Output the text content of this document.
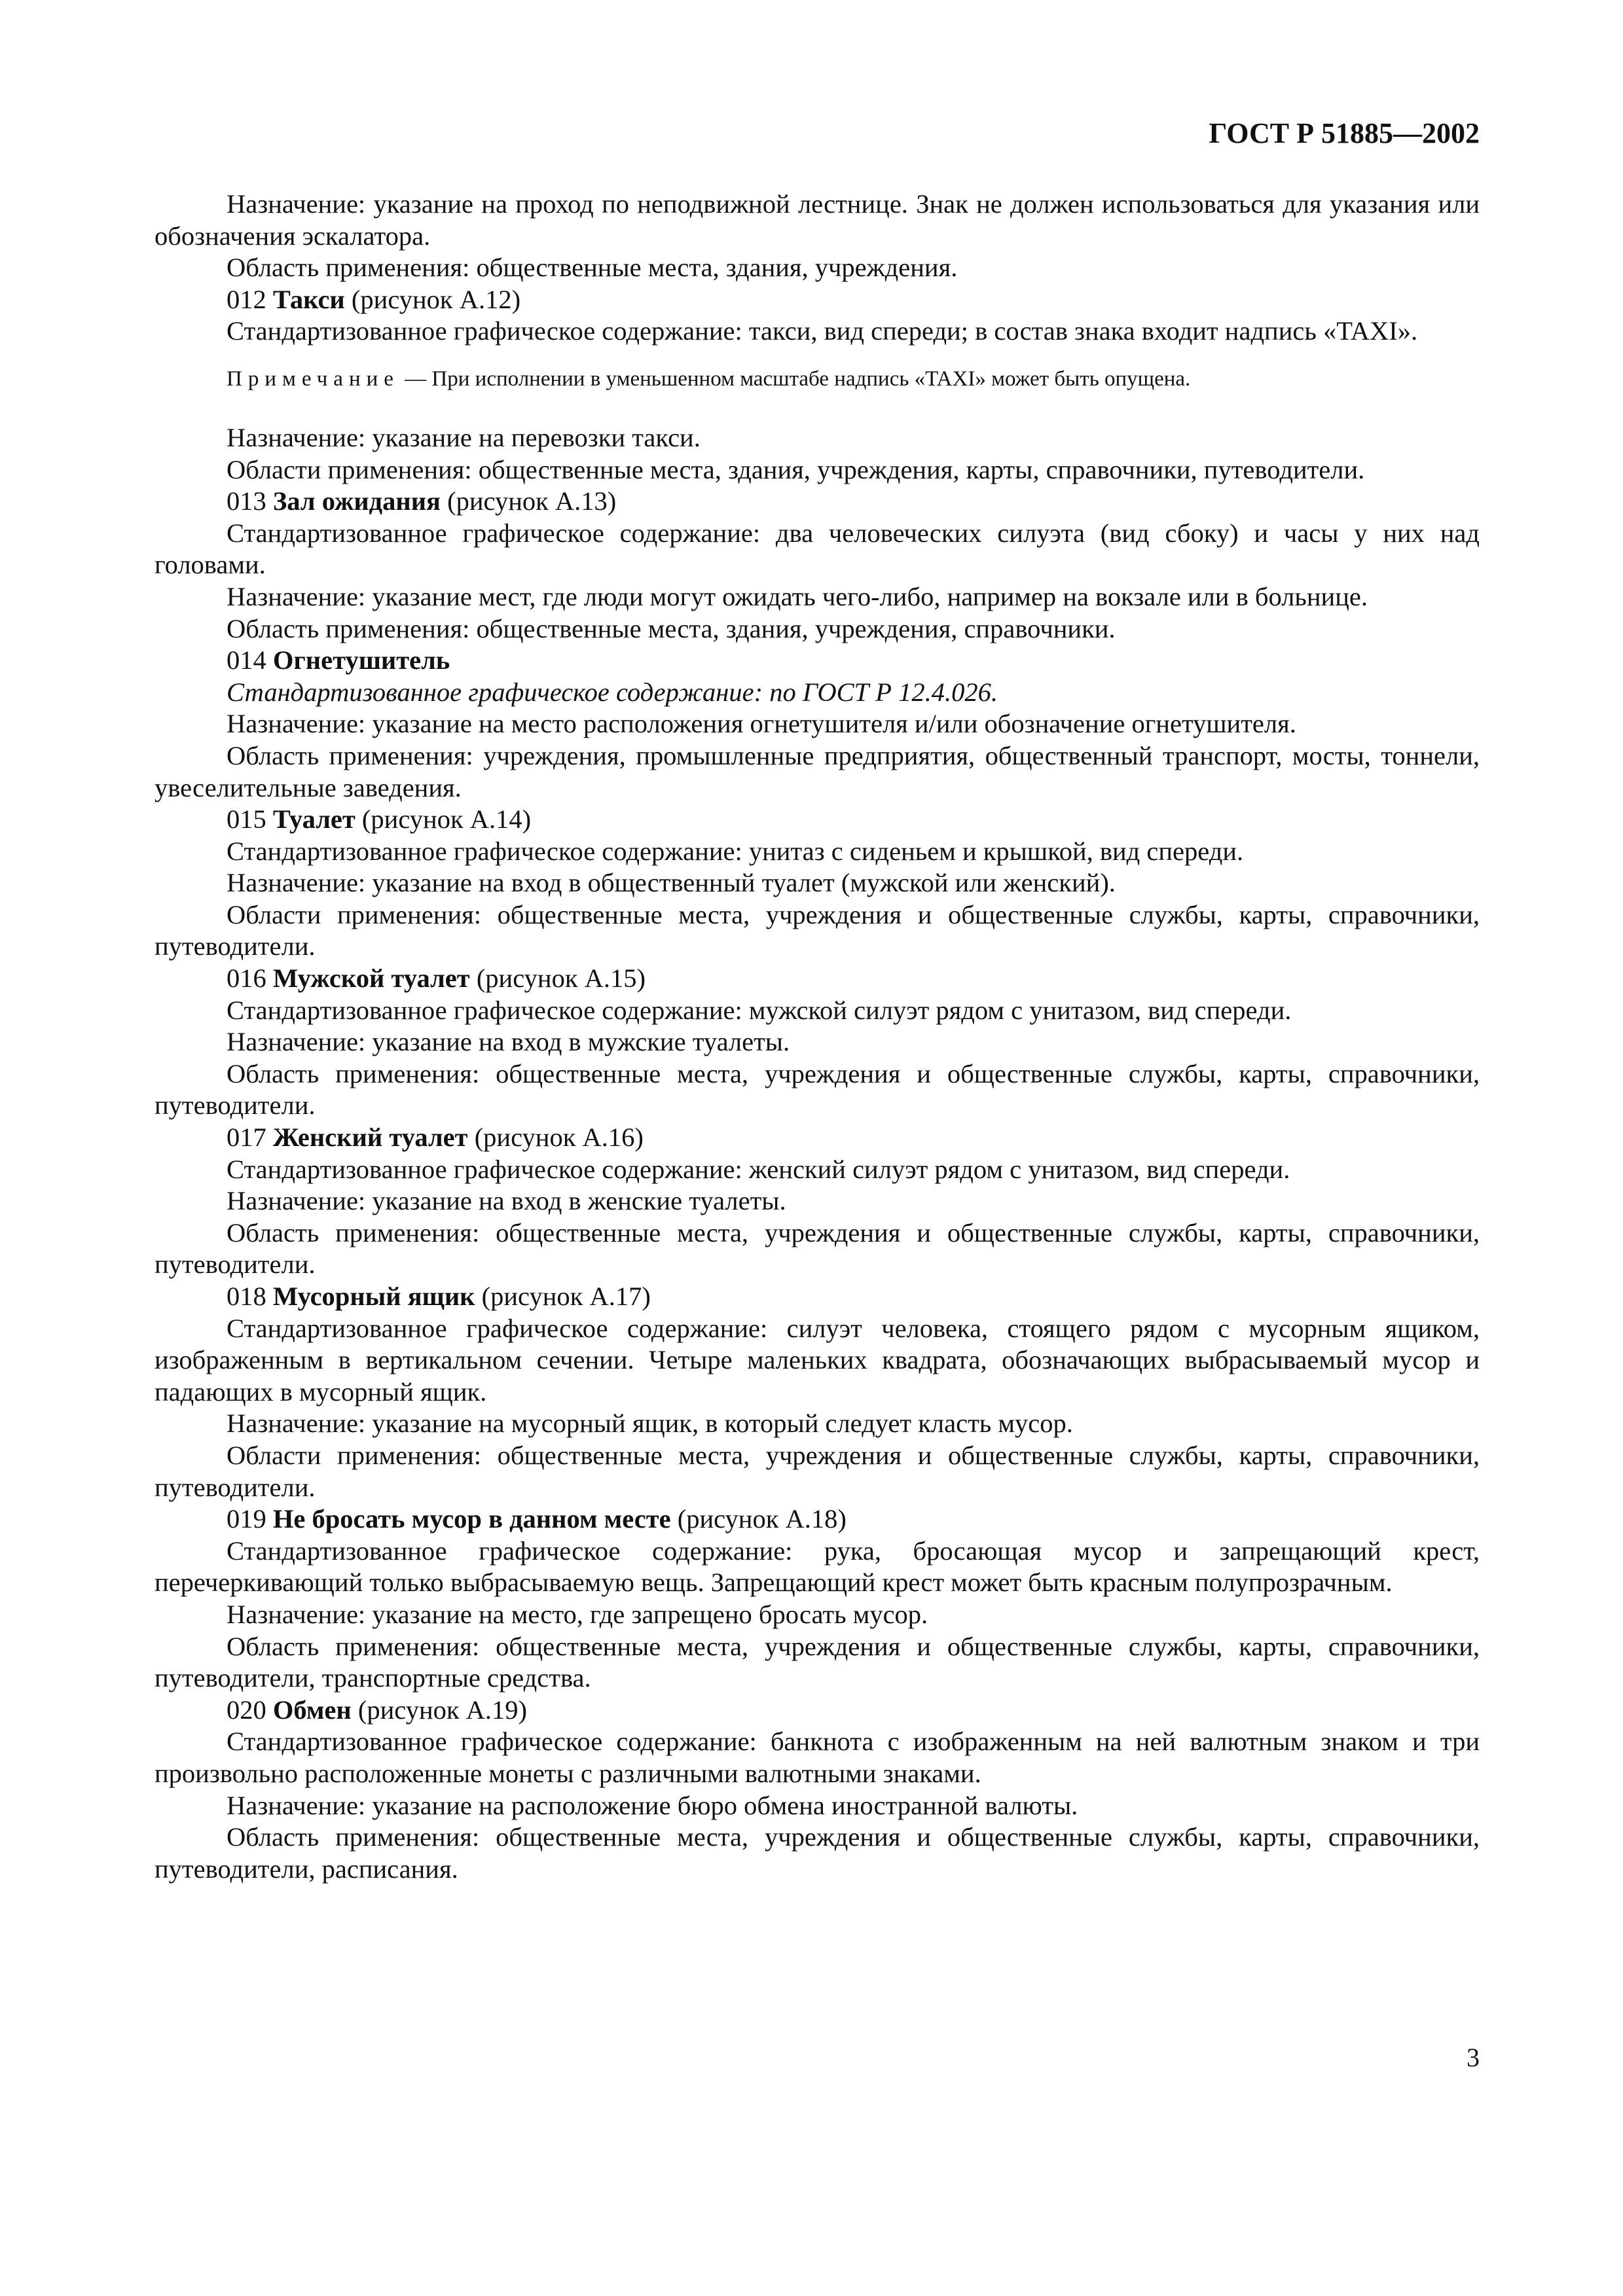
ГОСТ Р 51885—2002

Назначение: указание на проход по неподвижной лестнице. Знак не должен использоваться для указания или обозначения эскалатора.

Область применения: общественные места, здания, учреждения.

012 Такси (рисунок А.12)

Стандартизованное графическое содержание: такси, вид спереди; в состав знака входит надпись «TAXI».

Примечание — При исполнении в уменьшенном масштабе надпись «TAXI» может быть опущена.

Назначение: указание на перевозки такси.

Области применения: общественные места, здания, учреждения, карты, справочники, путеводители.

013 Зал ожидания (рисунок А.13)

Стандартизованное графическое содержание: два человеческих силуэта (вид сбоку) и часы у них над головами.

Назначение: указание мест, где люди могут ожидать чего-либо, например на вокзале или в больнице.

Область применения: общественные места, здания, учреждения, справочники.

014 Огнетушитель

Стандартизованное графическое содержание: по ГОСТ Р 12.4.026.

Назначение: указание на место расположения огнетушителя и/или обозначение огнетушителя.

Область применения: учреждения, промышленные предприятия, общественный транспорт, мосты, тоннели, увеселительные заведения.

015 Туалет (рисунок А.14)

Стандартизованное графическое содержание: унитаз с сиденьем и крышкой, вид спереди.

Назначение: указание на вход в общественный туалет (мужской или женский).

Области применения: общественные места, учреждения и общественные службы, карты, справочники, путеводители.

016 Мужской туалет (рисунок А.15)

Стандартизованное графическое содержание: мужской силуэт рядом с унитазом, вид спереди.

Назначение: указание на вход в мужские туалеты.

Область применения: общественные места, учреждения и общественные службы, карты, справочники, путеводители.

017 Женский туалет (рисунок А.16)

Стандартизованное графическое содержание: женский силуэт рядом с унитазом, вид спереди.

Назначение: указание на вход в женские туалеты.

Область применения: общественные места, учреждения и общественные службы, карты, справочники, путеводители.

018 Мусорный ящик (рисунок А.17)

Стандартизованное графическое содержание: силуэт человека, стоящего рядом с мусорным ящиком, изображенным в вертикальном сечении. Четыре маленьких квадрата, обозначающих выбрасываемый мусор и падающих в мусорный ящик.

Назначение: указание на мусорный ящик, в который следует класть мусор.

Области применения: общественные места, учреждения и общественные службы, карты, справочники, путеводители.

019 Не бросать мусор в данном месте (рисунок А.18)

Стандартизованное графическое содержание: рука, бросающая мусор и запрещающий крест, перечеркивающий только выбрасываемую вещь. Запрещающий крест может быть красным полупрозрачным.

Назначение: указание на место, где запрещено бросать мусор.

Область применения: общественные места, учреждения и общественные службы, карты, справочники, путеводители, транспортные средства.

020 Обмен (рисунок А.19)

Стандартизованное графическое содержание: банкнота с изображенным на ней валютным знаком и три произвольно расположенные монеты с различными валютными знаками.

Назначение: указание на расположение бюро обмена иностранной валюты.

Область применения: общественные места, учреждения и общественные службы, карты, справочники, путеводители, расписания.

3
